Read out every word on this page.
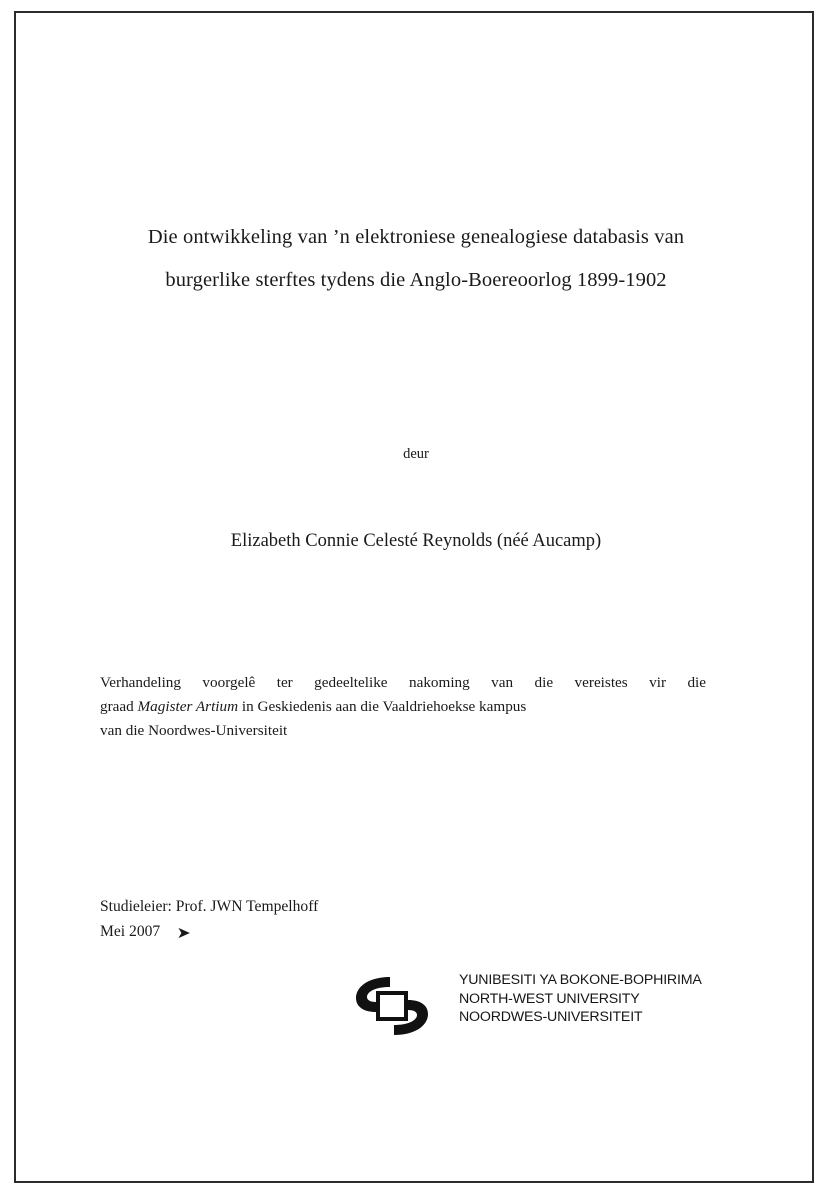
Die ontwikkeling van ’n elektroniese genealogiese databasis van
burgerlike sterftes tydens die Anglo-Boereoorlog 1899-1902
deur
Elizabeth Connie Celesté Reynolds (néé Aucamp)
Verhandeling voorgelê ter gedeeltelike nakoming van die vereistes vir die
graad Magister Artium in Geskiedenis aan die Vaaldriehoekse kampus
van die Noordwes-Universiteit
Studieleier: Prof. JWN Tempelhoff
Mei 2007	➤
YUNIBESITI YA BOKONE-BOPHIRIMA
NORTH-WEST UNIVERSITY
NOORDWES-UNIVERSITEIT
